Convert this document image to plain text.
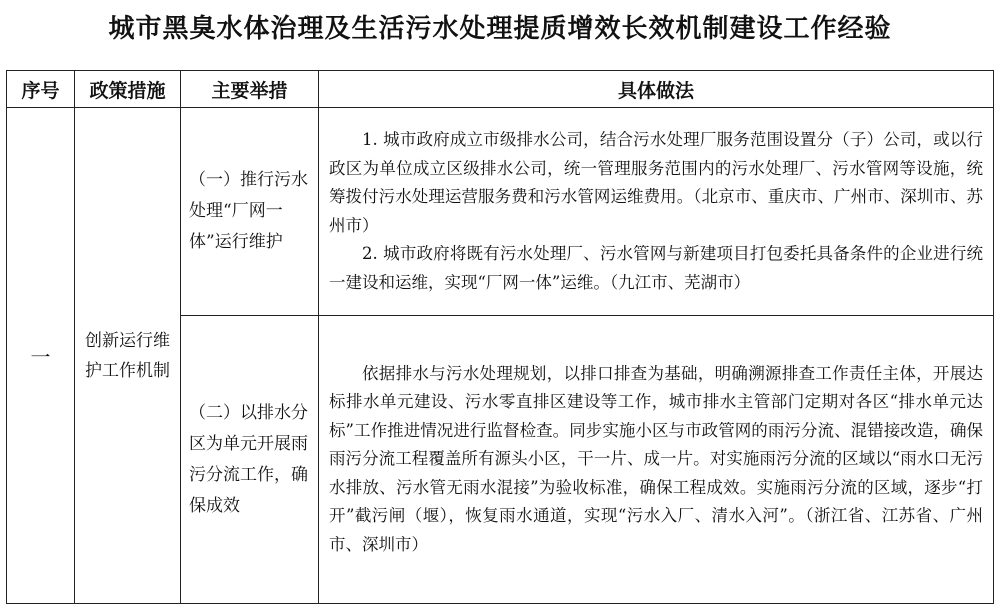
城市黑臭水体治理及生活污水处理提质增效长效机制建设工作经验
序号	政策措施	主要举措	具体做法
一	创新运行维护工作机制	（一）推行污水处理“厂网一体”运行维护	1. 城市政府成立市级排水公司，结合污水处理厂服务范围设置分（子）公司，或以行政区为单位成立区级排水公司，统一管理服务范围内的污水处理厂、污水管网等设施，统筹拨付污水处理运营服务费和污水管网运维费用。（北京市、重庆市、广州市、深圳市、苏州市）

2. 城市政府将既有污水处理厂、污水管网与新建项目打包委托具备条件的企业进行统一建设和运维，实现“厂网一体”运维。（九江市、芜湖市）

		（二）以排水分区为单元开展雨污分流工作，确保成效	依据排水与污水处理规划，以排口排查为基础，明确溯源排查工作责任主体，开展达标排水单元建设、污水零直排区建设等工作，城市排水主管部门定期对各区“排水单元达标”工作推进情况进行监督检查。同步实施小区与市政管网的雨污分流、混错接改造，确保雨污分流工程覆盖所有源头小区，干一片、成一片。对实施雨污分流的区域以“雨水口无污水排放、污水管无雨水混接”为验收标准，确保工程成效。实施雨污分流的区域，逐步“打开”截污闸（堰），恢复雨水通道，实现“污水入厂、清水入河”。（浙江省、江苏省、广州市、深圳市）
